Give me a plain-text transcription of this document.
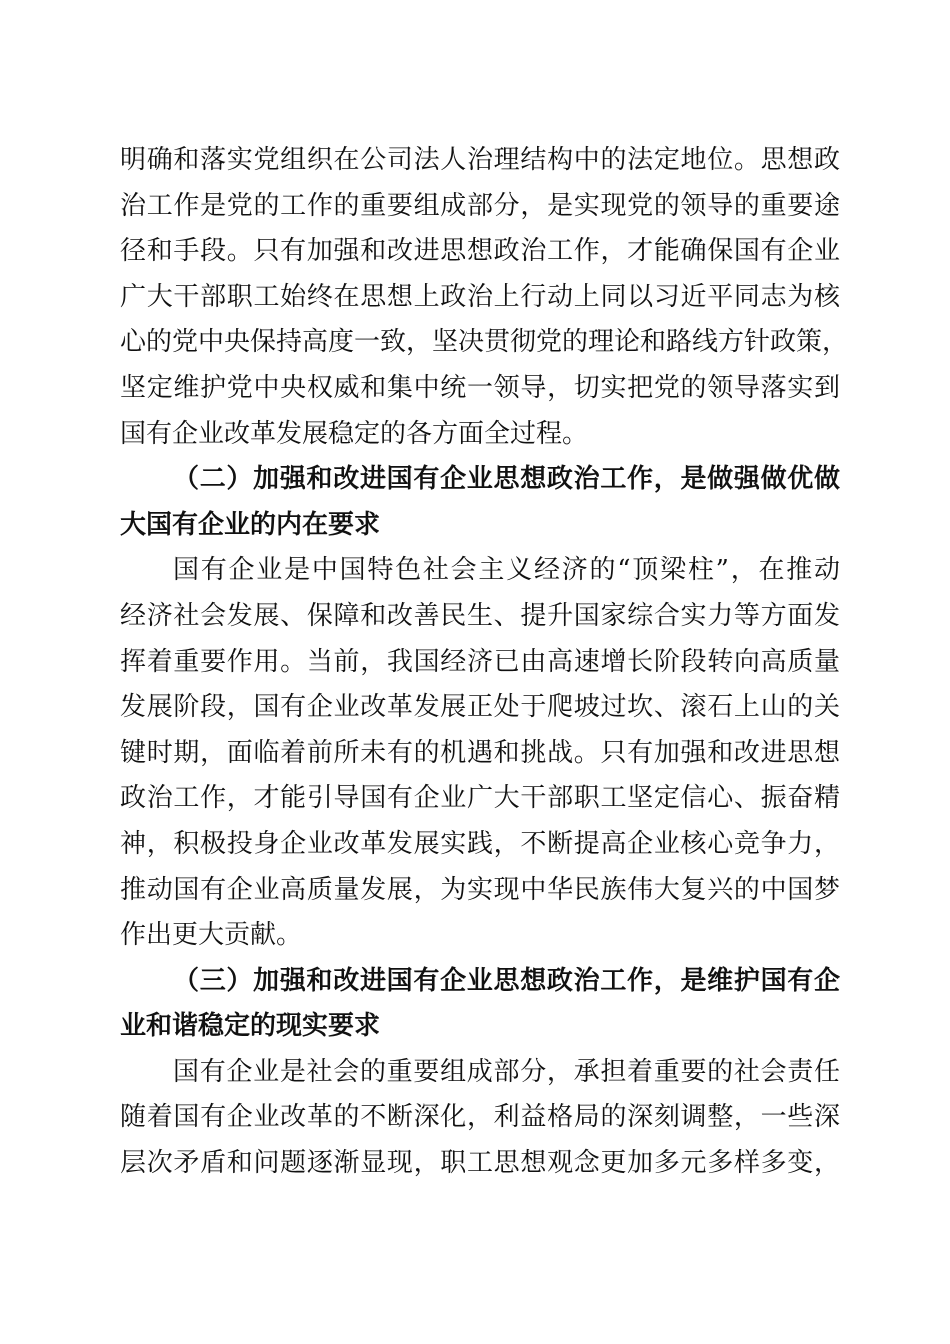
明确和落实党组织在公司法人治理结构中的法定地位。思想政
治工作是党的工作的重要组成部分，是实现党的领导的重要途
径和手段。只有加强和改进思想政治工作，才能确保国有企业
广大干部职工始终在思想上政治上行动上同以习近平同志为核
心的党中央保持高度一致，坚决贯彻党的理论和路线方针政策，
坚定维护党中央权威和集中统一领导，切实把党的领导落实到
国有企业改革发展稳定的各方面全过程。
（二）加强和改进国有企业思想政治工作，是做强做优做
大国有企业的内在要求
国有企业是中国特色社会主义经济的“顶梁柱”，在推动
经济社会发展、保障和改善民生、提升国家综合实力等方面发
挥着重要作用。当前，我国经济已由高速增长阶段转向高质量
发展阶段，国有企业改革发展正处于爬坡过坎、滚石上山的关
键时期，面临着前所未有的机遇和挑战。只有加强和改进思想
政治工作，才能引导国有企业广大干部职工坚定信心、振奋精
神，积极投身企业改革发展实践，不断提高企业核心竞争力，
推动国有企业高质量发展，为实现中华民族伟大复兴的中国梦
作出更大贡献。
（三）加强和改进国有企业思想政治工作，是维护国有企
业和谐稳定的现实要求
国有企业是社会的重要组成部分，承担着重要的社会责任
随着国有企业改革的不断深化，利益格局的深刻调整，一些深
层次矛盾和问题逐渐显现，职工思想观念更加多元多样多变，
